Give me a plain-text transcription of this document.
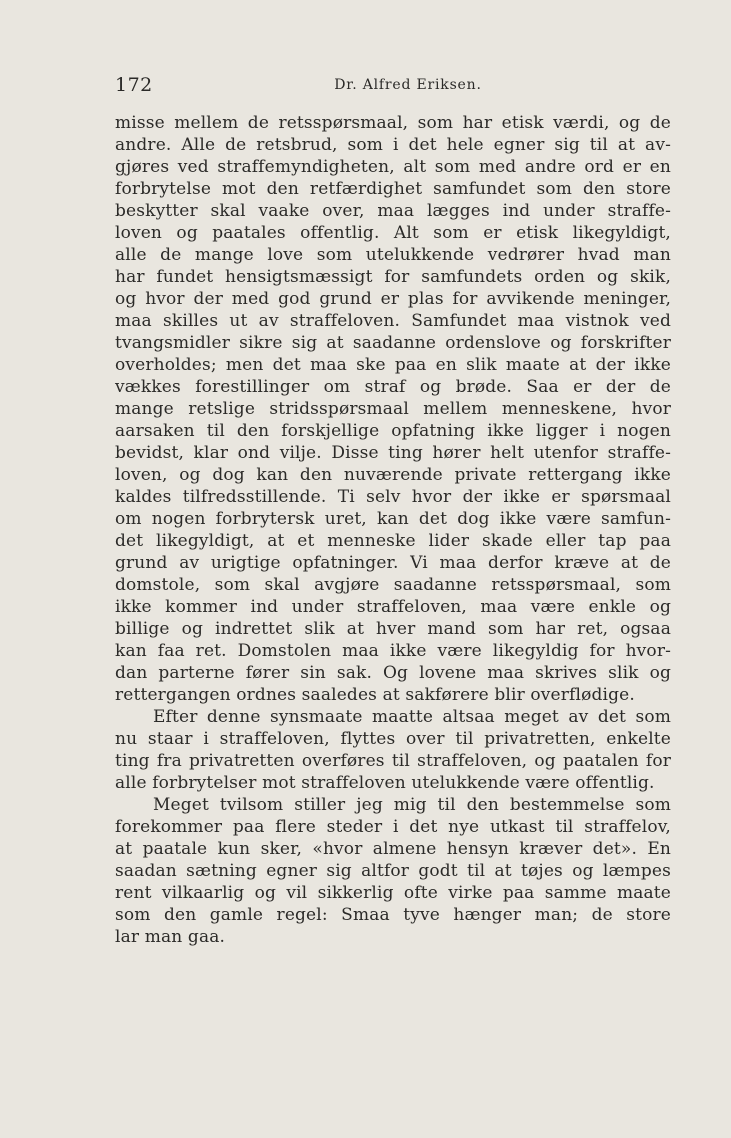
172	Dr. Alfred Eriksen.
misse mellem de retsspørsmaal, som har etisk værdi, og de
andre. Alle de retsbrud, som i det hele egner sig til at av-
gjøres ved straffemyndigheten, alt som med andre ord er en
forbrytelse mot den retfærdighet samfundet som den store
beskytter skal vaake over, maa lægges ind under straffe-
loven og paatales offentlig. Alt som er etisk likegyldigt,
alle de mange love som utelukkende vedrører hvad man
har fundet hensigtsmæssigt for samfundets orden og skik,
og hvor der med god grund er plas for avvikende meninger,
maa skilles ut av straffeloven. Samfundet maa vistnok ved
tvangsmidler sikre sig at saadanne ordenslove og forskrifter
overholdes; men det maa ske paa en slik maate at der ikke
vækkes forestillinger om straf og brøde. Saa er der de
mange retslige stridsspørsmaal mellem menneskene, hvor
aarsaken til den forskjellige opfatning ikke ligger i nogen
bevidst, klar ond vilje. Disse ting hører helt utenfor straffe-
loven, og dog kan den nuværende private rettergang ikke
kaldes tilfredsstillende. Ti selv hvor der ikke er spørsmaal
om nogen forbrytersk uret, kan det dog ikke være samfun-
det likegyldigt, at et menneske lider skade eller tap paa
grund av urigtige opfatninger. Vi maa derfor kræve at de
domstole, som skal avgjøre saadanne retsspørsmaal, som
ikke kommer ind under straffeloven, maa være enkle og
billige og indrettet slik at hver mand som har ret, ogsaa
kan faa ret. Domstolen maa ikke være likegyldig for hvor-
dan parterne fører sin sak. Og lovene maa skrives slik og
rettergangen ordnes saaledes at sakførere blir overflødige.
Efter denne synsmaate maatte altsaa meget av det som
nu staar i straffeloven, flyttes over til privatretten, enkelte
ting fra privatretten overføres til straffeloven, og paatalen for
alle forbrytelser mot straffeloven utelukkende være offentlig.
Meget tvilsom stiller jeg mig til den bestemmelse som
forekommer paa flere steder i det nye utkast til straffelov,
at paatale kun sker, «hvor almene hensyn kræver det». En
saadan sætning egner sig altfor godt til at tøjes og læmpes
rent vilkaarlig og vil sikkerlig ofte virke paa samme maate
som den gamle regel: Smaa tyve hænger man; de store
lar man gaa.
